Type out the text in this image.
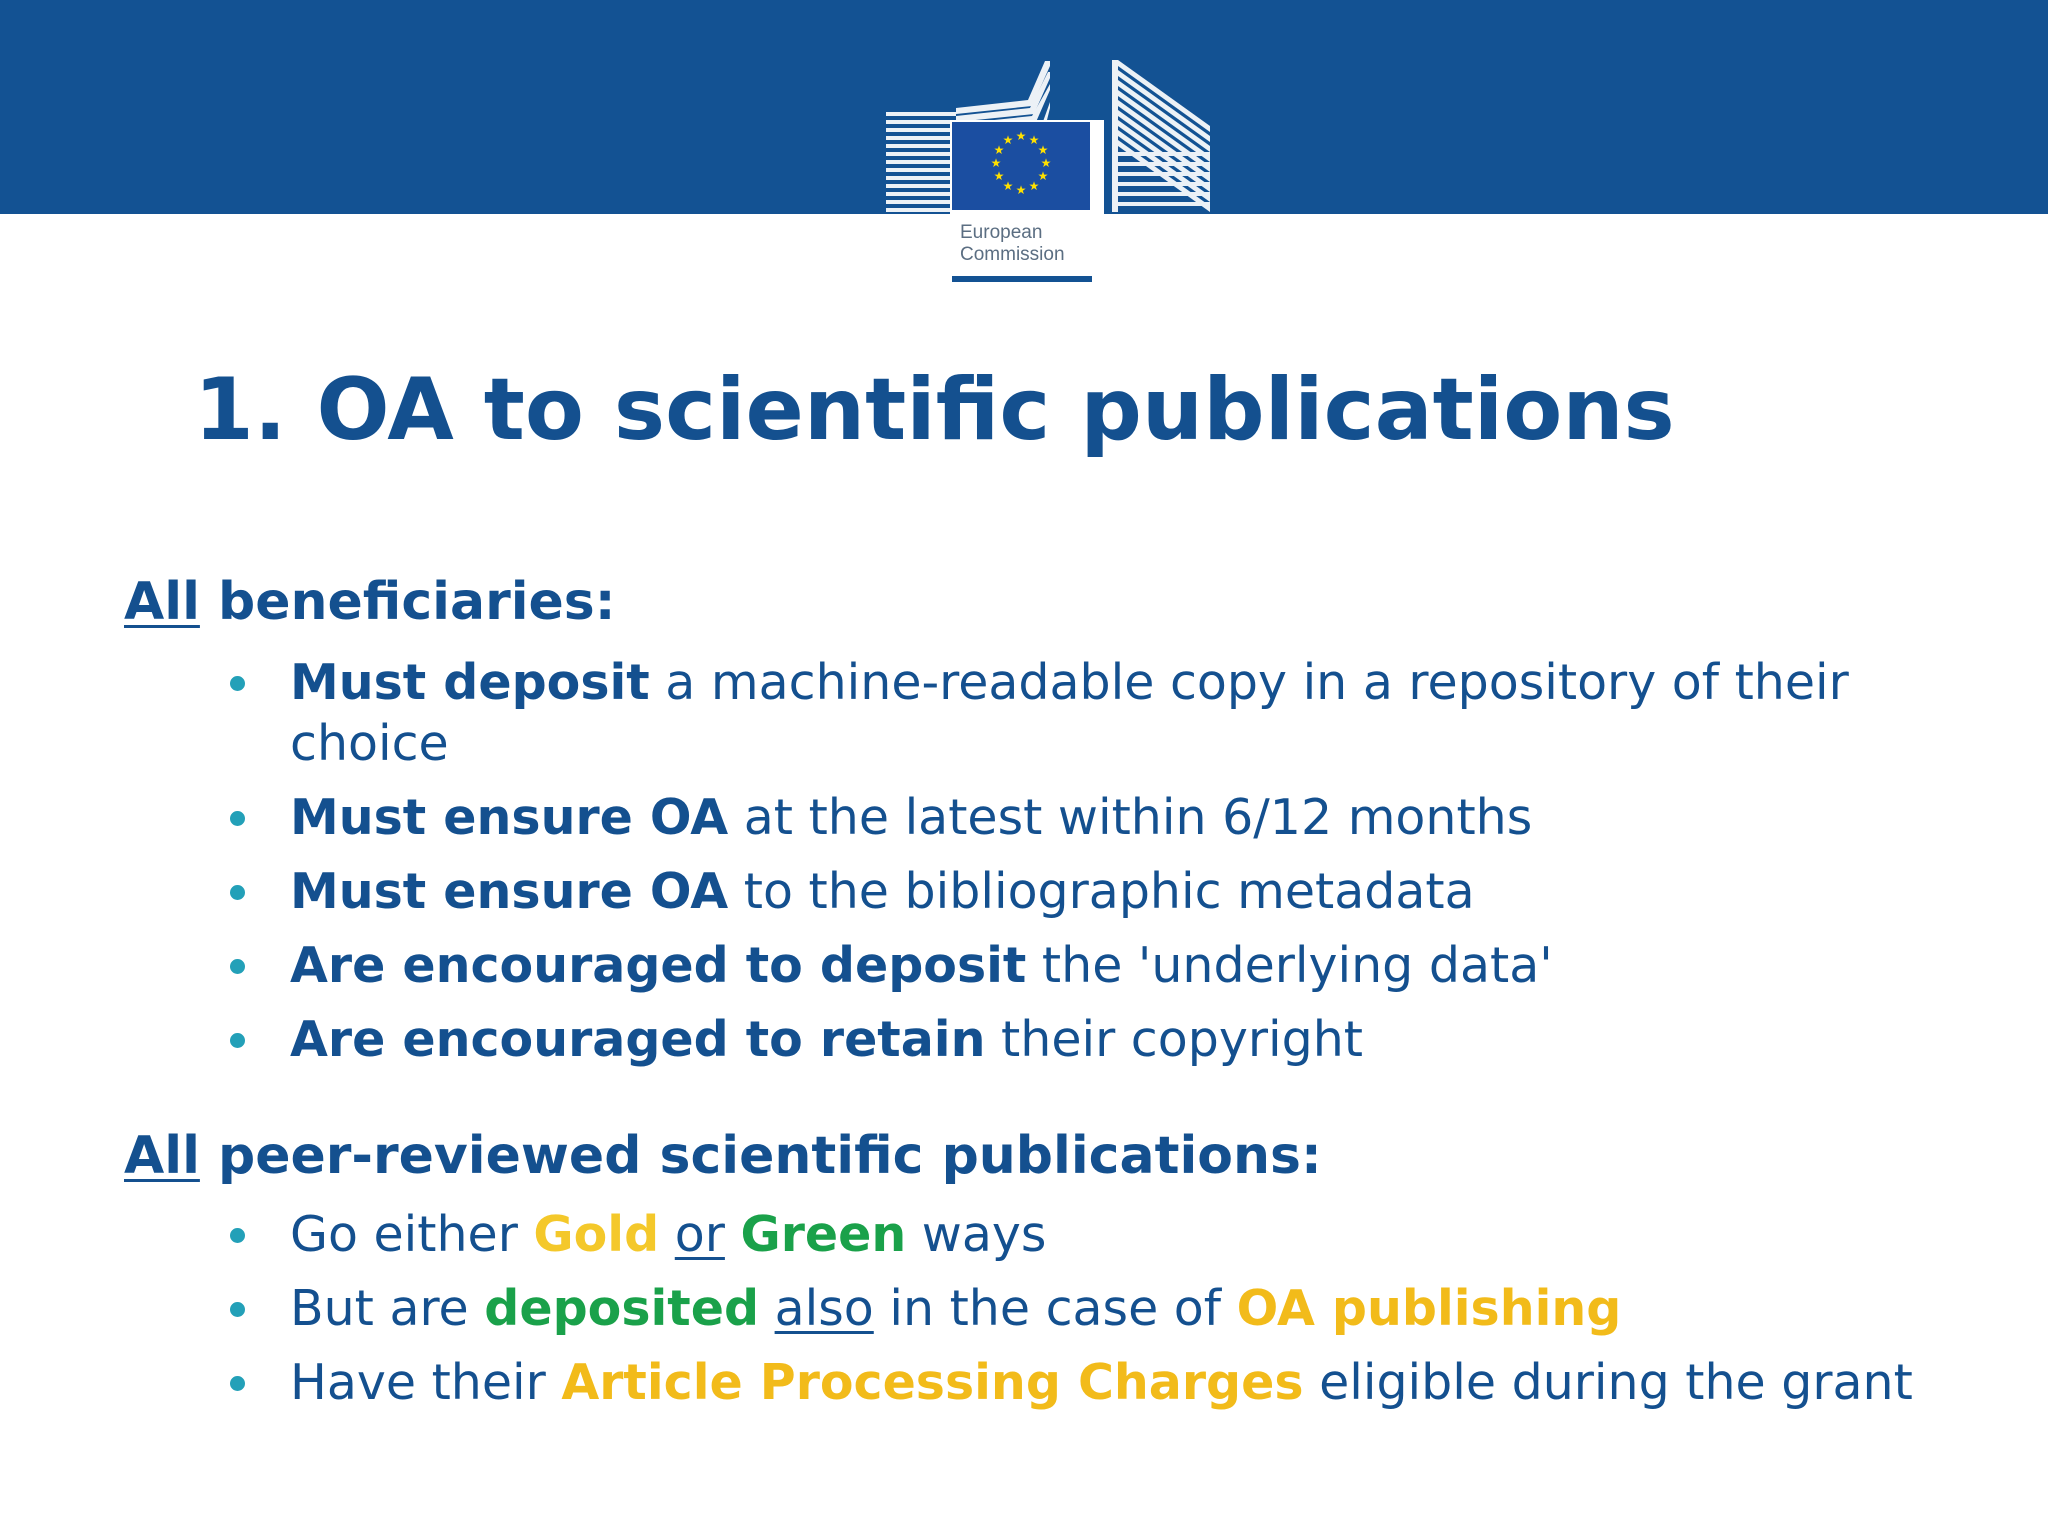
★ ★
★
★
★
★
★
★
★
★
★
★
European
Commission
1. OA to scientific publications
All beneficiaries:
Must deposit a machine-readable copy in a repository of their choice
Must ensure OA at the latest within 6/12 months
Must ensure OA to the bibliographic metadata
Are encouraged to deposit the 'underlying data'
Are encouraged to retain their copyright
All peer-reviewed scientific publications:
Go either Gold or Green ways
But are deposited also in the case of OA publishing
Have their Article Processing Charges eligible during the grant
